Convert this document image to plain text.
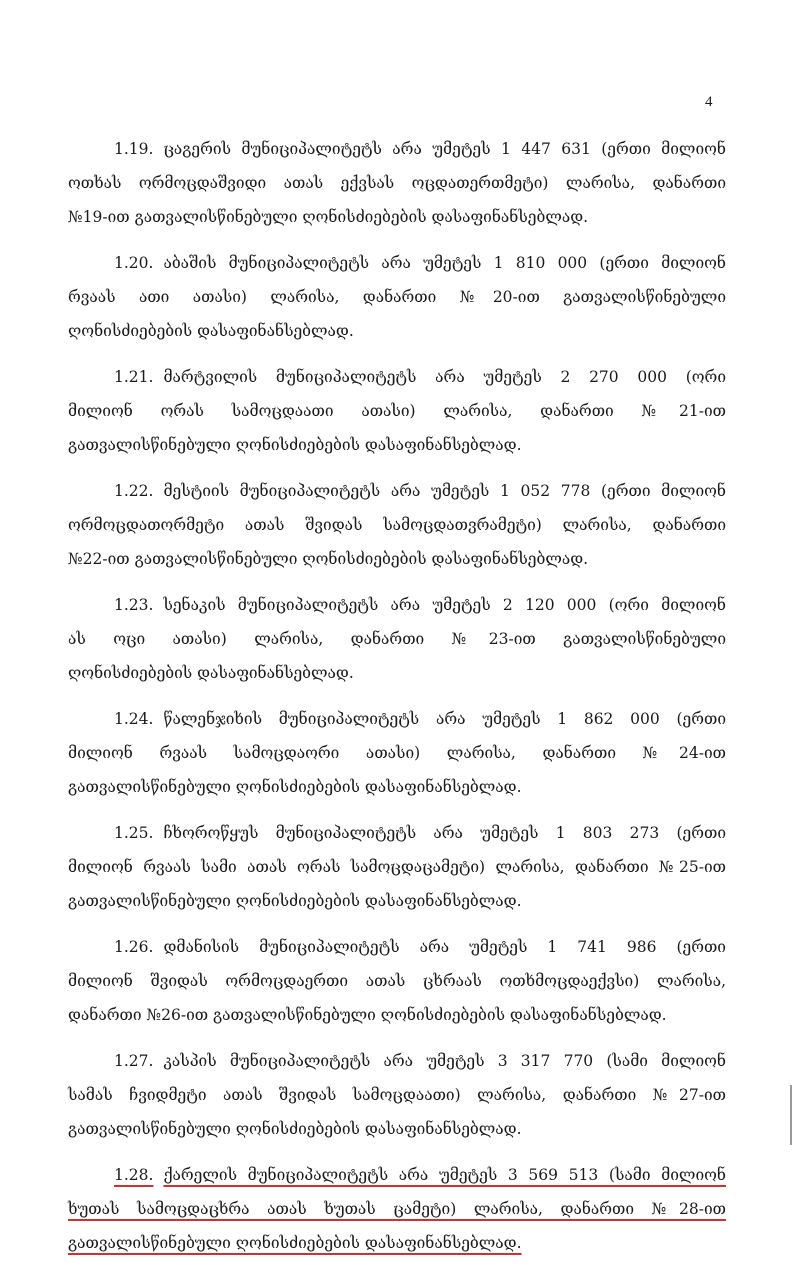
4
1.19. ცაგერის მუნიციპალიტეტს არა უმეტეს 1 447 631 (ერთი მილიონ
ოთხას ორმოცდაშვიდი ათას ექვსას ოცდათერთმეტი) ლარისა, დანართი
№19-ით გათვალისწინებული ღონისძიებების დასაფინანსებლად.
1.20. აბაშის მუნიციპალიტეტს არა უმეტეს 1 810 000 (ერთი მილიონ
რვაას ათი ათასი) ლარისა, დანართი №20-ით გათვალისწინებული
ღონისძიებების დასაფინანსებლად.
1.21. მარტვილის მუნიციპალიტეტს არა უმეტეს 2 270 000 (ორი
მილიონ ორას სამოცდაათი ათასი) ლარისა, დანართი №21-ით
გათვალისწინებული ღონისძიებების დასაფინანსებლად.
1.22. მესტიის მუნიციპალიტეტს არა უმეტეს 1 052 778 (ერთი მილიონ
ორმოცდათორმეტი ათას შვიდას სამოცდათვრამეტი) ლარისა, დანართი
№22-ით გათვალისწინებული ღონისძიებების დასაფინანსებლად.
1.23. სენაკის მუნიციპალიტეტს არა უმეტეს 2 120 000 (ორი მილიონ
ას ოცი ათასი) ლარისა, დანართი №23-ით გათვალისწინებული
ღონისძიებების დასაფინანსებლად.
1.24. წალენჯიხის მუნიციპალიტეტს არა უმეტეს 1 862 000 (ერთი
მილიონ რვაას სამოცდაორი ათასი) ლარისა, დანართი №24-ით
გათვალისწინებული ღონისძიებების დასაფინანსებლად.
1.25. ჩხოროწყუს მუნიციპალიტეტს არა უმეტეს 1 803 273 (ერთი
მილიონ რვაას სამი ათას ორას სამოცდაცამეტი) ლარისა, დანართი №25-ით
გათვალისწინებული ღონისძიებების დასაფინანსებლად.
1.26. დმანისის მუნიციპალიტეტს არა უმეტეს 1 741 986 (ერთი
მილიონ შვიდას ორმოცდაერთი ათას ცხრაას ოთხმოცდაექვსი) ლარისა,
დანართი №26-ით გათვალისწინებული ღონისძიებების დასაფინანსებლად.
1.27. კასპის მუნიციპალიტეტს არა უმეტეს 3 317 770 (სამი მილიონ
სამას ჩვიდმეტი ათას შვიდას სამოცდაათი) ლარისა, დანართი №27-ით
გათვალისწინებული ღონისძიებების დასაფინანსებლად.
1.28. ქარელის მუნიციპალიტეტს არა უმეტეს 3 569 513 (სამი მილიონ
ხუთას სამოცდაცხრა ათას ხუთას ცამეტი) ლარისა, დანართი №28-ით
გათვალისწინებული ღონისძიებების დასაფინანსებლად.
